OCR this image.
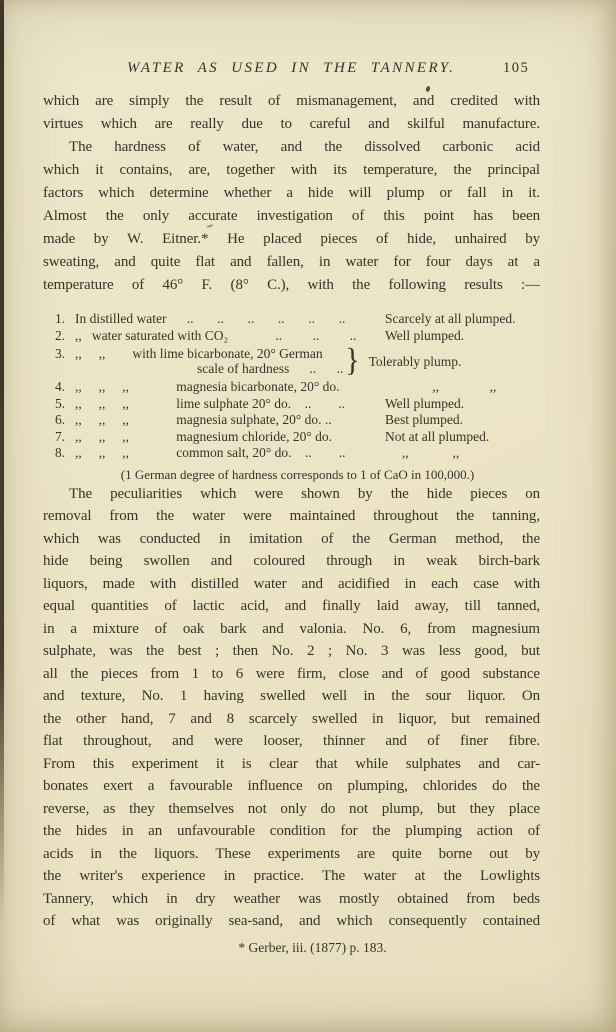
WATER AS USED IN THE TANNERY.	105
which are simply the result of mismanagement, and credited with
virtues which are really due to careful and skilful manufacture.
The hardness of water, and the dissolved carbonic acid
which it contains, are, together with its temperature, the principal
factors which determine whether a hide will plump or fall in it.
Almost the only accurate investigation of this point has been
made by W. Eitner.* He placed pieces of hide, unhaired by
sweating, and quite flat and fallen, in water for four days at a
temperature of 46° F. (8° C.), with the following results :—
1. In distilled water      ..       ..       ..       ..       ..       ..	Scarcely at all plumped.
2. ,,   water saturated with CO₂              ..         ..         .. Well plumped.
3. ,,     ,,        with lime bicarbonate, 20° German
scale of hardness      ..      .. } Tolerably plump.
4. ,,     ,,     ,,              magnesia bicarbonate, 20° do.	,,               ,,
5. ,,     ,,     ,,              lime sulphate 20° do.    ..        ..	Well plumped.
6. ,,     ,,     ,,              magnesia sulphate, 20° do. ..	Best plumped.
7. ,,     ,,     ,,              magnesium chloride, 20° do.	Not at all plumped.
8. ,,     ,,     ,,              common salt, 20° do.    ..        ..	,,             ,,
(1 German degree of hardness corresponds to 1 of CaO in 100,000.)
The peculiarities which were shown by the hide pieces on
removal from the water were maintained throughout the tanning,
which was conducted in imitation of the German method, the
hide being swollen and coloured through in weak birch-bark
liquors, made with distilled water and acidified in each case with
equal quantities of lactic acid, and finally laid away, till tanned,
in a mixture of oak bark and valonia. No. 6, from magnesium
sulphate, was the best ; then No. 2 ; No. 3 was less good, but
all the pieces from 1 to 6 were firm, close and of good substance
and texture, No. 1 having swelled well in the sour liquor. On
the other hand, 7 and 8 scarcely swelled in liquor, but remained
flat throughout, and were looser, thinner and of finer fibre.
From this experiment it is clear that while sulphates and car-
bonates exert a favourable influence on plumping, chlorides do the
reverse, as they themselves not only do not plump, but they place
the hides in an unfavourable condition for the plumping action of
acids in the liquors. These experiments are quite borne out by
the writer's experience in practice. The water at the Lowlights
Tannery, which in dry weather was mostly obtained from beds
of what was originally sea-sand, and which consequently contained
* Gerber, iii. (1877) p. 183.
